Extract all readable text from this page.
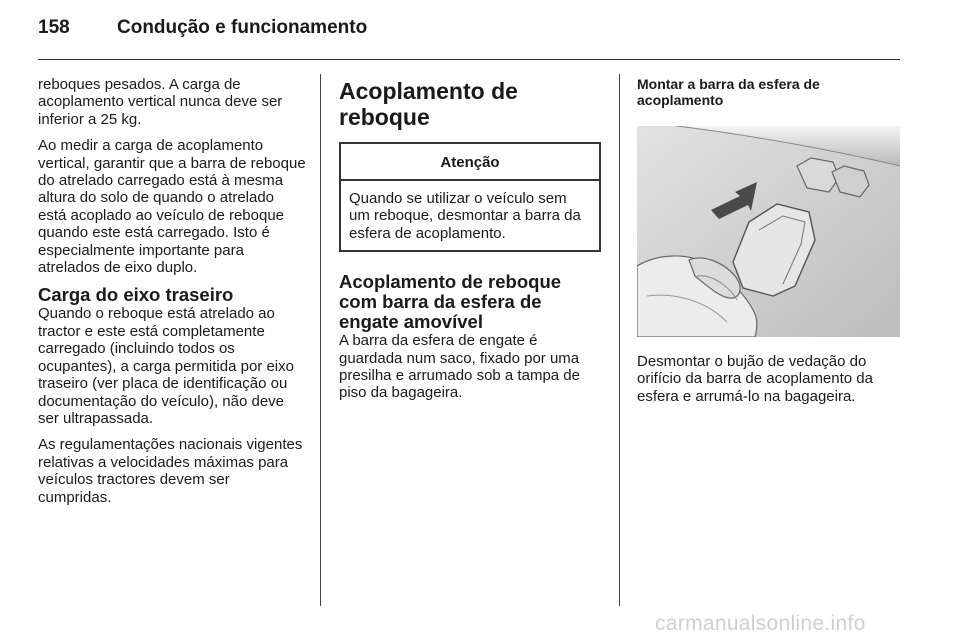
158 Condução e funcionamento

reboques pesados. A carga de acoplamento vertical nunca deve ser inferior a 25 kg.

Ao medir a carga de acoplamento vertical, garantir que a barra de reboque do atrelado carregado está à mesma altura do solo de quando o atrelado está acoplado ao veículo de reboque quando este está carregado. Isto é especialmente importante para atrelados de eixo duplo.

Carga do eixo traseiro

Quando o reboque está atrelado ao tractor e este está completamente carregado (incluindo todos os ocupantes), a carga permitida por eixo traseiro (ver placa de identificação ou documentação do veículo), não deve ser ultrapassada.

As regulamentações nacionais vigentes relativas a velocidades máximas para veículos tractores devem ser cumpridas.

Acoplamento de reboque
Atenção
Quando se utilizar o veículo sem um reboque, desmontar a barra da esfera de acoplamento.
Acoplamento de reboque com barra da esfera de engate amovível

A barra da esfera de engate é guardada num saco, fixado por uma presilha e arrumado sob a tampa de piso da bagageira.

Montar a barra da esfera de acoplamento

Desmontar o bujão de vedação do orifício da barra de acoplamento da esfera e arrumá-lo na bagageira.

carmanualsonline.info
